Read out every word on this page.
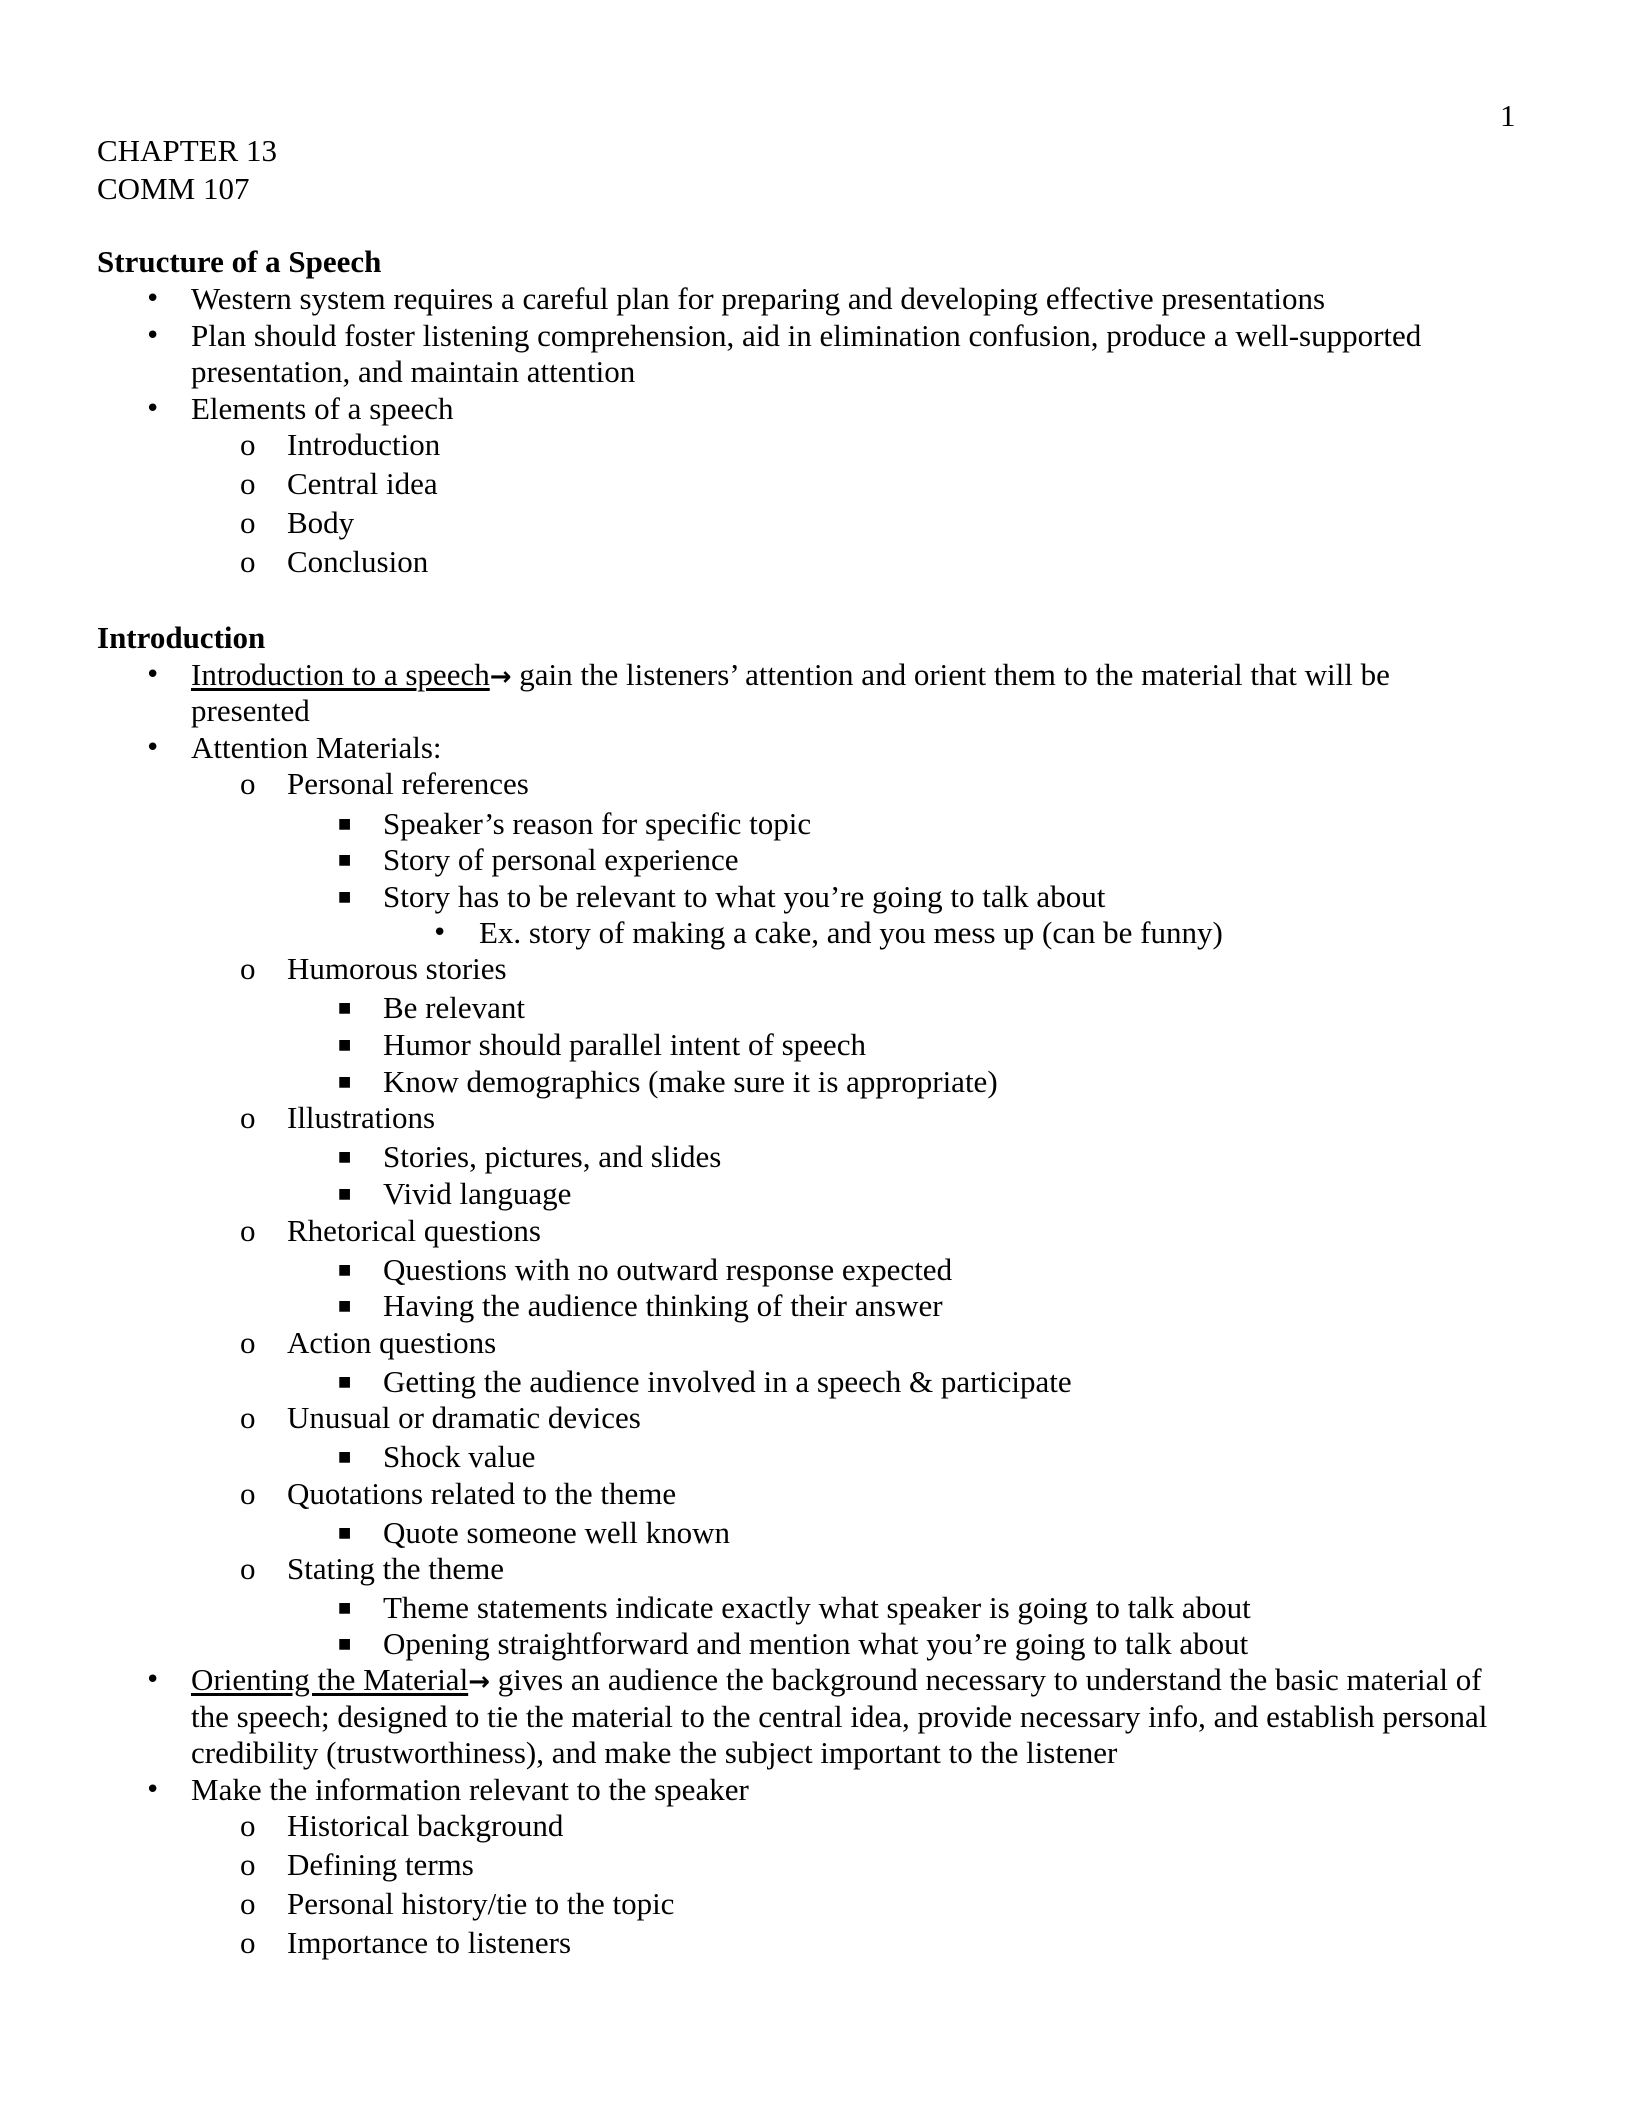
1
CHAPTER 13
COMM 107
Structure of a Speech
• Western system requires a careful plan for preparing and developing effective presentations
• Plan should foster listening comprehension, aid in elimination confusion, produce a well-supported
presentation, and maintain attention
• Elements of a speech
o Introduction
o Central idea
o Body
o Conclusion
Introduction
• Introduction to a speech→ gain the listeners’ attention and orient them to the material that will be
presented
• Attention Materials:
o Personal references
■ Speaker’s reason for specific topic
■ Story of personal experience
■ Story has to be relevant to what you’re going to talk about
• Ex. story of making a cake, and you mess up (can be funny)
o Humorous stories
■ Be relevant
■ Humor should parallel intent of speech
■ Know demographics (make sure it is appropriate)
o Illustrations
■ Stories, pictures, and slides
■ Vivid language
o Rhetorical questions
■ Questions with no outward response expected
■ Having the audience thinking of their answer
o Action questions
■ Getting the audience involved in a speech & participate
o Unusual or dramatic devices
■ Shock value
o Quotations related to the theme
■ Quote someone well known
o Stating the theme
■ Theme statements indicate exactly what speaker is going to talk about
■ Opening straightforward and mention what you’re going to talk about
• Orienting the Material→ gives an audience the background necessary to understand the basic material of
the speech; designed to tie the material to the central idea, provide necessary info, and establish personal
credibility (trustworthiness), and make the subject important to the listener
• Make the information relevant to the speaker
o Historical background
o Defining terms
o Personal history/tie to the topic
o Importance to listeners
